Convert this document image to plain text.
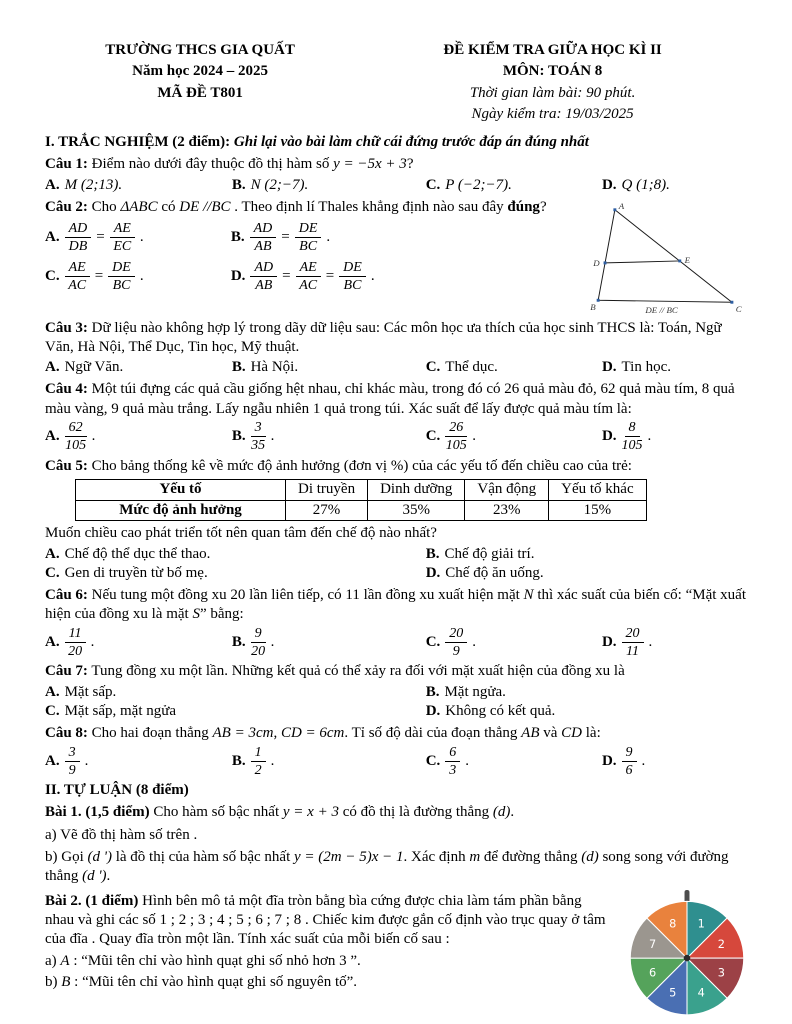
TRƯỜNG THCS GIA QUẤT
Năm học 2024 – 2025
MÃ ĐỀ T801
ĐỀ KIỂM TRA GIỮA HỌC KÌ II
MÔN: TOÁN 8
Thời gian làm bài: 90 phút.
Ngày kiểm tra: 19/03/2025

I. TRẮC NGHIỆM (2 điểm): Ghi lại vào bài làm chữ cái đứng trước đáp án đúng nhất

Câu 1: Điểm nào dưới đây thuộc đồ thị hàm số y = −5x + 3?

A. M (2;13).	B. N (2;−7).	C. P (−2;−7).	D. Q (1;8).

Câu 2: Cho ΔABC có DE //BC . Theo định lí Thales khẳng định nào sau đây đúng?

A. $\frac{AD}{DB} = \frac{AE}{EC}$ .	B. $\frac{AD}{AB} = \frac{DE}{BC}$ .
C. $\frac{AE}{AC} = \frac{DE}{BC}$ .	D. $\frac{AD}{AB} = \frac{AE}{AC} = \frac{DE}{BC}$ .
A
B	C
D	E
DE // BC

Câu 3: Dữ liệu nào không hợp lý trong dãy dữ liệu sau: Các môn học ưa thích của học sinh THCS là: Toán, Ngữ Văn, Hà Nội, Thể Dục, Tin học, Mỹ thuật.

A. Ngữ Văn.	B. Hà Nội.	C. Thể dục.	D. Tin học.

Câu 4: Một túi đựng các quả cầu giống hệt nhau, chỉ khác màu, trong đó có 26 quả màu đỏ, 62 quả màu tím, 8 quả màu vàng, 9 quả màu trắng. Lấy ngẫu nhiên 1 quả trong túi. Xác suất để lấy được quả màu tím là:

A. $\frac{62}{105}$ .	B. $\frac{3}{35}$ .	C. $\frac{26}{105}$ .	D. $\frac{8}{105}$ .

Câu 5: Cho bảng thống kê về mức độ ảnh hưởng (đơn vị %) của các yếu tố đến chiều cao của trẻ:

Yếu tố	Di truyền	Dinh dưỡng	Vận động	Yếu tố khác
Mức độ ảnh hưởng	27%	35%	23%	15%

Muốn chiều cao phát triển tốt nên quan tâm đến chế độ nào nhất?

A. Chế độ thể dục thể thao.	B. Chế độ giải trí.
C. Gen di truyền từ bố mẹ.	D. Chế độ ăn uống.

Câu 6: Nếu tung một đồng xu 20 lần liên tiếp, có 11 lần đồng xu xuất hiện mặt N thì xác suất của biến cố: “Mặt xuất hiện của đồng xu là mặt S” bằng:

A. $\frac{11}{20}$ .	B. $\frac{9}{20}$ .	C. $\frac{20}{9}$ .	D. $\frac{20}{11}$ .

Câu 7: Tung đồng xu một lần. Những kết quả có thể xảy ra đối với mặt xuất hiện của đồng xu là

A. Mặt sấp.	B. Mặt ngửa.
C. Mặt sấp, mặt ngửa	D. Không có kết quả.

Câu 8: Cho hai đoạn thẳng AB = 3cm, CD = 6cm. Tỉ số độ dài của đoạn thẳng AB và CD là:

A. $\frac{3}{9}$ .	B. $\frac{1}{2}$ .	C. $\frac{6}{3}$ .	D. $\frac{9}{6}$ .

II. TỰ LUẬN (8 điểm)

Bài 1. (1,5 điểm) Cho hàm số bậc nhất y = x + 3 có đồ thị là đường thẳng (d).

a) Vẽ đồ thị hàm số trên .

b) Gọi (d ') là đồ thị của hàm số bậc nhất y = (2m − 5)x − 1. Xác định m để đường thẳng (d) song song với đường thẳng (d ').

Bài 2. (1 điểm) Hình bên mô tả một đĩa tròn bằng bìa cứng được chia làm tám phần bằng nhau và ghi các số 1 ; 2 ; 3 ; 4 ; 5 ; 6 ; 7 ; 8 . Chiếc kim được gắn cố định vào trục quay ở tâm của đĩa . Quay đĩa tròn một lần. Tính xác suất của mỗi biến cố sau :

a) A : “Mũi tên chỉ vào hình quạt ghi số nhỏ hơn 3 ”.

b) B : “Mũi tên chỉ vào hình quạt ghi số nguyên tố”.

1
2
3
4
5
6
7
8
